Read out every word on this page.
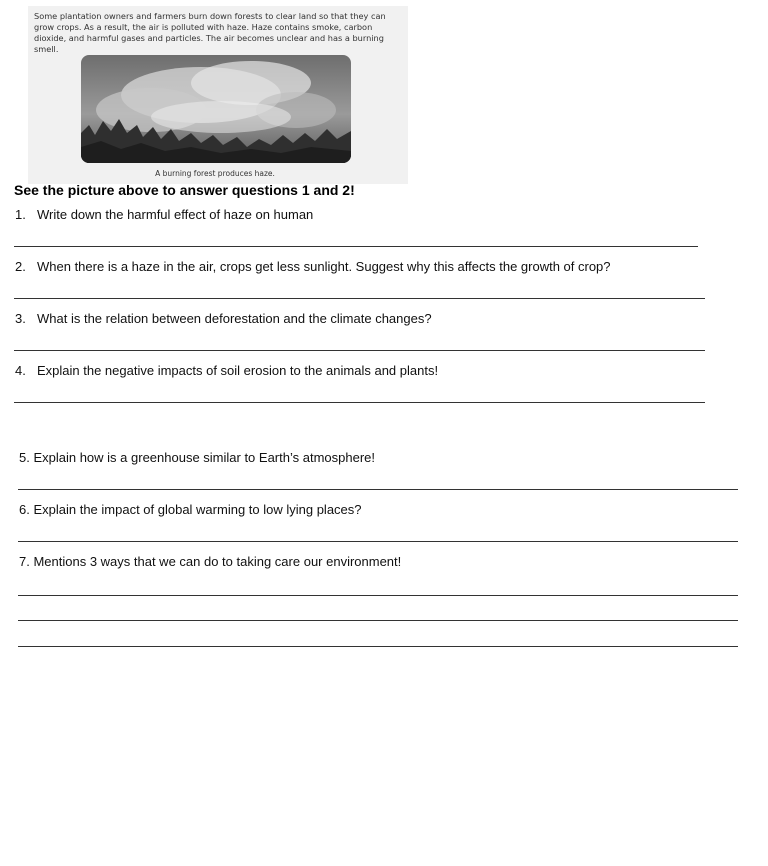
Some plantation owners and farmers burn down forests to clear land so that they can grow crops. As a result, the air is polluted with haze. Haze contains smoke, carbon dioxide, and harmful gases and particles. The air becomes unclear and has a burning smell.
A burning forest produces haze.
See the picture above to answer questions 1 and 2!
1. Write down the harmful effect of haze on human
2. When there is a haze in the air, crops get less sunlight. Suggest why this affects the growth of crop?
3. What is the relation between deforestation and the climate changes?
4. Explain the negative impacts of soil erosion to the animals and plants!
5. Explain how is a greenhouse similar to Earth’s atmosphere!
6. Explain the impact of global warming to low lying places?
7. Mentions 3 ways that we can do to taking care our environment!
